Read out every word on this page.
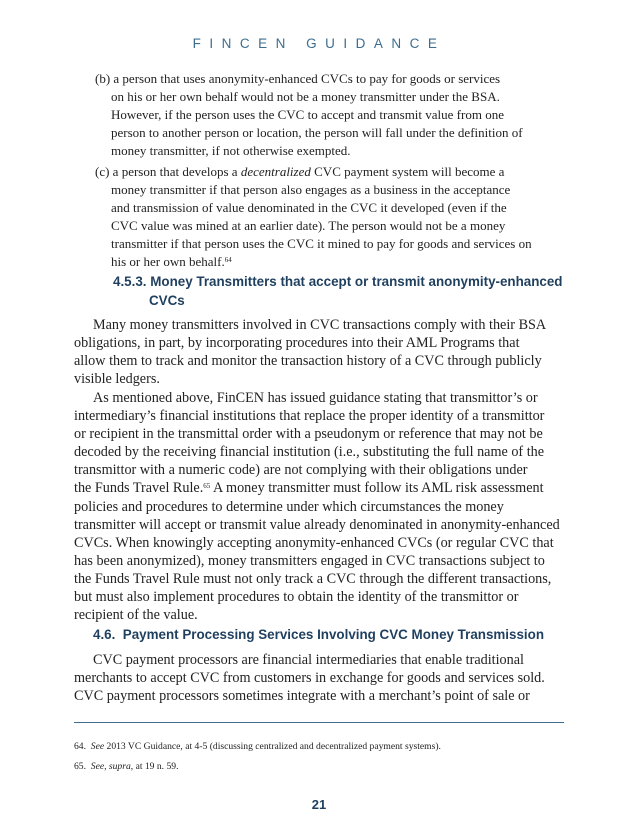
FINCEN GUIDANCE
(b) a person that uses anonymity-enhanced CVCs to pay for goods or services
on his or her own behalf would not be a money transmitter under the BSA.
However, if the person uses the CVC to accept and transmit value from one
person to another person or location, the person will fall under the definition of
money transmitter, if not otherwise exempted.
(c) a person that develops a decentralized CVC payment system will become a
money transmitter if that person also engages as a business in the acceptance
and transmission of value denominated in the CVC it developed (even if the
CVC value was mined at an earlier date). The person would not be a money
transmitter if that person uses the CVC it mined to pay for goods and services on
his or her own behalf.$^{64}$
4.5.3. Money Transmitters that accept or transmit anonymity-enhanced
CVCs
Many money transmitters involved in CVC transactions comply with their BSA
obligations, in part, by incorporating procedures into their AML Programs that
allow them to track and monitor the transaction history of a CVC through publicly
visible ledgers.
As mentioned above, FinCEN has issued guidance stating that transmittor’s or
intermediary’s financial institutions that replace the proper identity of a transmittor
or recipient in the transmittal order with a pseudonym or reference that may not be
decoded by the receiving financial institution (i.e., substituting the full name of the
transmittor with a numeric code) are not complying with their obligations under
the Funds Travel Rule.$^{65}$ A money transmitter must follow its AML risk assessment
policies and procedures to determine under which circumstances the money
transmitter will accept or transmit value already denominated in anonymity-enhanced
CVCs. When knowingly accepting anonymity-enhanced CVCs (or regular CVC that
has been anonymized), money transmitters engaged in CVC transactions subject to
the Funds Travel Rule must not only track a CVC through the different transactions,
but must also implement procedures to obtain the identity of the transmittor or
recipient of the value.
4.6. Payment Processing Services Involving CVC Money Transmission
CVC payment processors are financial intermediaries that enable traditional
merchants to accept CVC from customers in exchange for goods and services sold.
CVC payment processors sometimes integrate with a merchant’s point of sale or
64. See 2013 VC Guidance, at 4-5 (discussing centralized and decentralized payment systems).
65. See, supra, at 19 n. 59.
21
